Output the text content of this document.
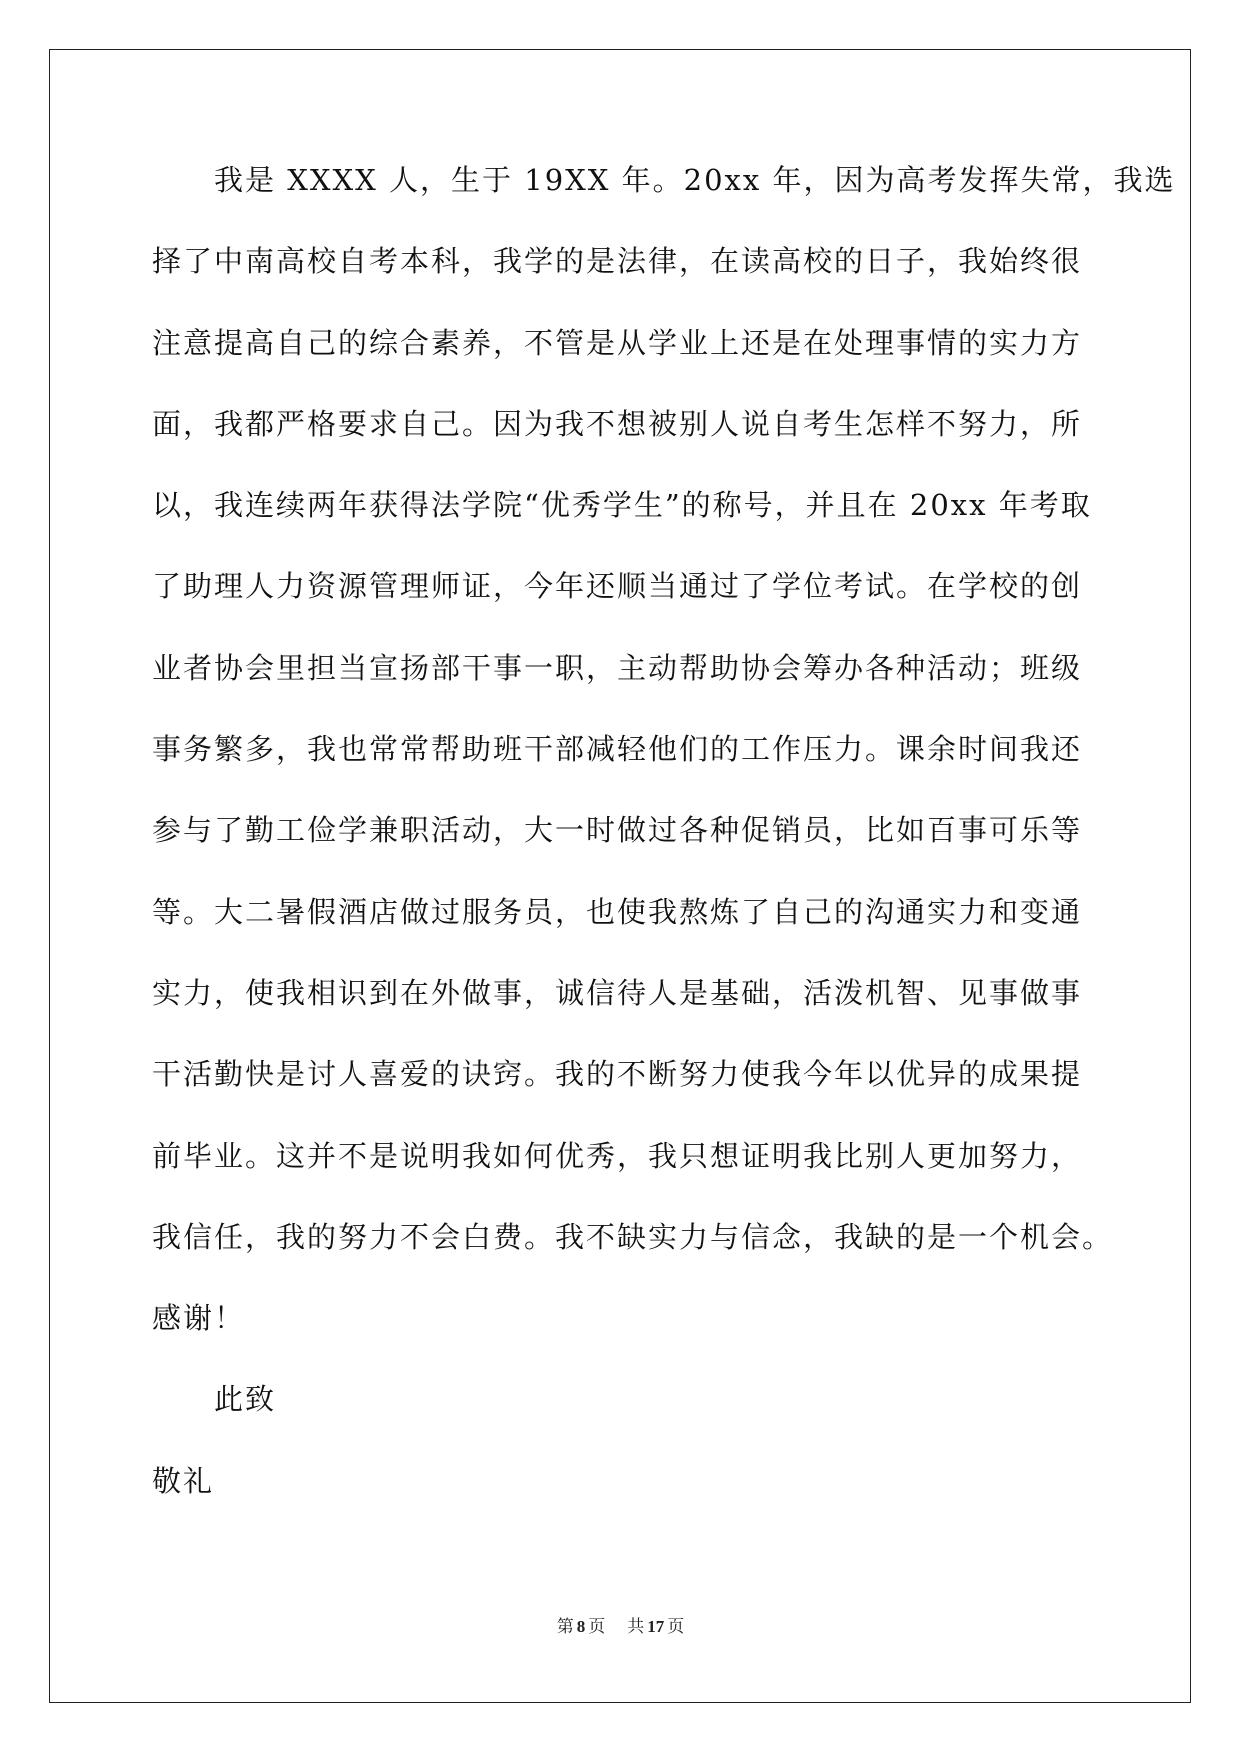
我是 XXXX 人，生于 19XX 年。20xx 年，因为高考发挥失常，我选
择了中南高校自考本科，我学的是法律，在读高校的日子，我始终很
注意提高自己的综合素养，不管是从学业上还是在处理事情的实力方
面，我都严格要求自己。因为我不想被别人说自考生怎样不努力，所
以，我连续两年获得法学院“优秀学生”的称号，并且在 20xx 年考取
了助理人力资源管理师证，今年还顺当通过了学位考试。在学校的创
业者协会里担当宣扬部干事一职，主动帮助协会筹办各种活动；班级
事务繁多，我也常常帮助班干部减轻他们的工作压力。课余时间我还
参与了勤工俭学兼职活动，大一时做过各种促销员，比如百事可乐等
等。大二暑假酒店做过服务员，也使我熬炼了自己的沟通实力和变通
实力，使我相识到在外做事，诚信待人是基础，活泼机智、见事做事
干活勤快是讨人喜爱的诀窍。我的不断努力使我今年以优异的成果提
前毕业。这并不是说明我如何优秀，我只想证明我比别人更加努力，
我信任，我的努力不会白费。我不缺实力与信念，我缺的是一个机会。
感谢！
此致
敬礼
第 8 页 共 17 页
